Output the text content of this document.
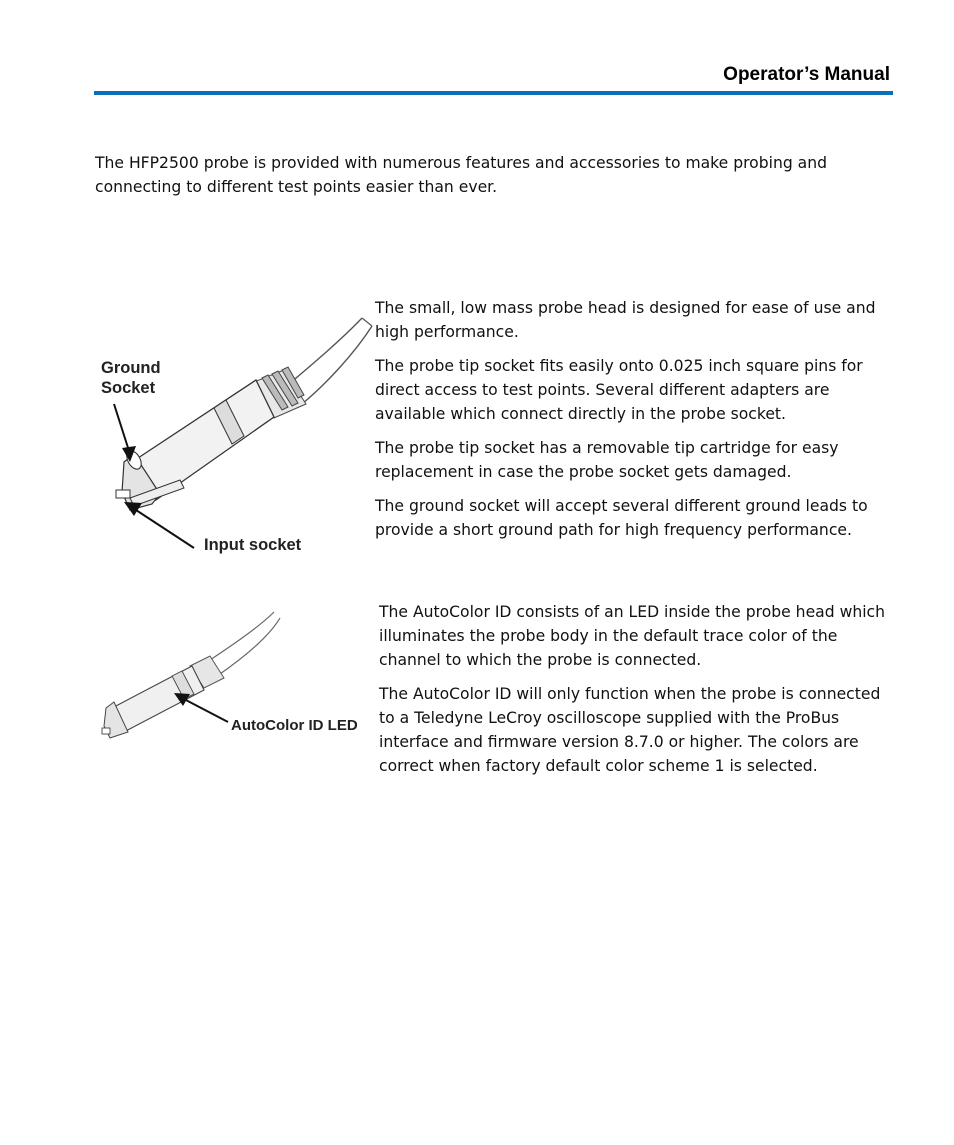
Operator’s Manual
The HFP2500 probe is provided with numerous features and accessories to make probing and connecting to different test points easier than ever.
Ground
Socket
Input socket

The small, low mass probe head is designed for ease of use and high performance.

The probe tip socket fits easily onto 0.025 inch square pins for direct access to test points. Several different adapters are available which connect directly in the probe socket.

The probe tip socket has a removable tip cartridge for easy replacement in case the probe socket gets damaged.

The ground socket will accept several different ground leads to provide a short ground path for high frequency performance.

AutoColor ID LED

The AutoColor ID consists of an LED inside the probe head which illuminates the probe body in the default trace color of the channel to which the probe is connected.

The AutoColor ID will only function when the probe is connected to a Teledyne LeCroy oscilloscope supplied with the ProBus interface and firmware version 8.7.0 or higher. The colors are correct when factory default color scheme 1 is selected.
